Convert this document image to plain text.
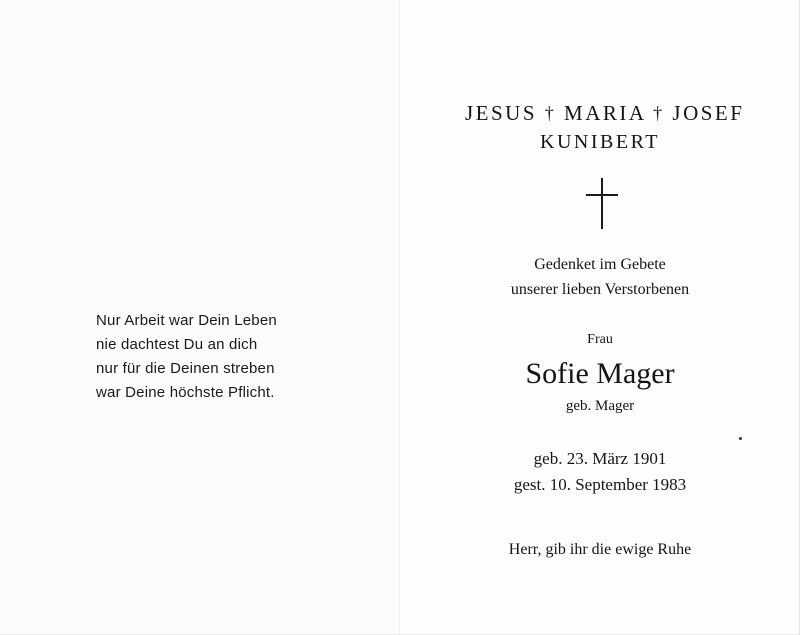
Nur Arbeit war Dein Leben
nie dachtest Du an dich
nur für die Deinen streben
war Deine höchste Pflicht.
JESUS † MARIA † JOSEF
KUNIBERT
Gedenket im Gebete
unserer lieben Verstorbenen
Frau
Sofie Mager
geb. Mager
geb. 23. März 1901
gest. 10. September 1983
Herr, gib ihr die ewige Ruhe
